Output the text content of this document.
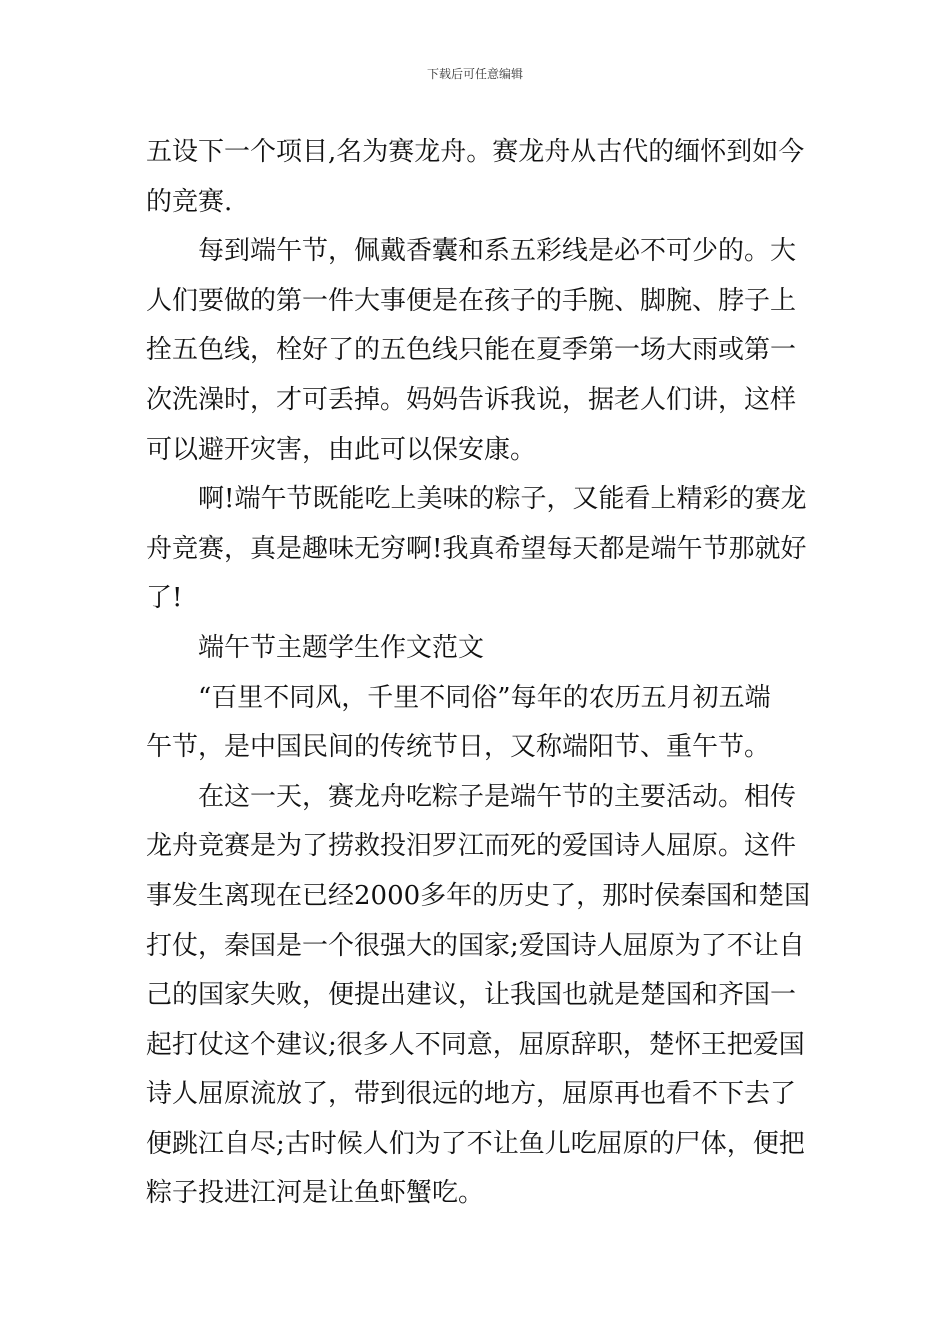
下载后可任意编辑
五设下一个项目,名为赛龙舟。赛龙舟从古代的缅怀到如今
的竞赛.
每到端午节，佩戴香囊和系五彩线是必不可少的。大
人们要做的第一件大事便是在孩子的手腕、脚腕、脖子上
拴五色线，栓好了的五色线只能在夏季第一场大雨或第一
次洗澡时，才可丢掉。妈妈告诉我说，据老人们讲，这样
可以避开灾害，由此可以保安康。
啊!端午节既能吃上美味的粽子，又能看上精彩的赛龙
舟竞赛，真是趣味无穷啊!我真希望每天都是端午节那就好
了!
端午节主题学生作文范文
“百里不同风，千里不同俗”每年的农历五月初五端
午节，是中国民间的传统节日，又称端阳节、重午节。
在这一天，赛龙舟吃粽子是端午节的主要活动。相传
龙舟竞赛是为了捞救投汨罗江而死的爱国诗人屈原。这件
事发生离现在已经2000多年的历史了，那时侯秦国和楚国
打仗，秦国是一个很强大的国家;爱国诗人屈原为了不让自
己的国家失败，便提出建议，让我国也就是楚国和齐国一
起打仗这个建议;很多人不同意，屈原辞职，楚怀王把爱国
诗人屈原流放了，带到很远的地方，屈原再也看不下去了
便跳江自尽;古时候人们为了不让鱼儿吃屈原的尸体，便把
粽子投进江河是让鱼虾蟹吃。
